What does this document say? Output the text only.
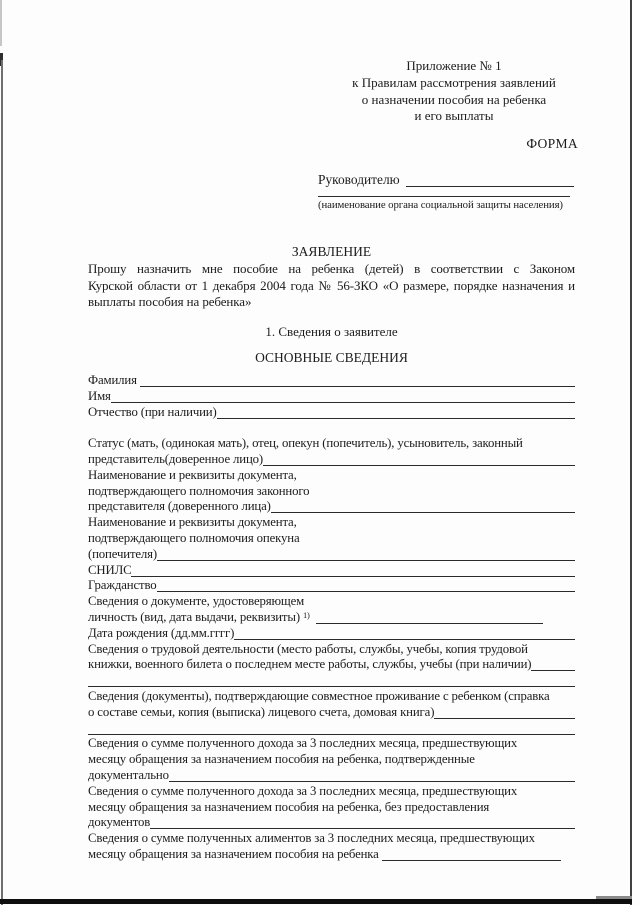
Приложение № 1
к Правилам рассмотрения заявлений
о назначении пособия на ребенка
и его выплаты
ФОРМА
Руководителю
(наименование органа социальной защиты населения)
ЗАЯВЛЕНИЕ
Прошу назначить мне пособие на ребенка (детей) в соответствии с Законом
Курской области от 1 декабря 2004 года № 56-ЗКО «О размере, порядке назначения и
выплаты пособия на ребенка»
1. Сведения о заявителе
ОСНОВНЫЕ СВЕДЕНИЯ
Фамилия
Имя
Отчество (при наличии)
Статус (мать, (одинокая мать), отец, опекун (попечитель), усыновитель, законный
представитель(доверенное лицо)
Наименование и реквизиты документа,
подтверждающего полномочия законного
представителя (доверенного лица)
Наименование и реквизиты документа,
подтверждающего полномочия опекуна
(попечителя)
СНИЛС
Гражданство
Сведения о документе, удостоверяющем
личность (вид, дата выдачи, реквизиты) 1)
Дата рождения (дд.мм.гггг)
Сведения о трудовой деятельности (место работы, службы, учебы, копия трудовой
книжки, военного билета о последнем месте работы, службы, учебы (при наличии)
Сведения (документы), подтверждающие совместное проживание с ребенком (справка
о составе семьи, копия (выписка) лицевого счета, домовая книга)
Сведения о сумме полученного дохода за 3 последних месяца, предшествующих
месяцу обращения за назначением пособия на ребенка, подтвержденные
документально
Сведения о сумме полученного дохода за 3 последних месяца, предшествующих
месяцу обращения за назначением пособия на ребенка, без предоставления
документов
Сведения о сумме полученных алиментов за 3 последних месяца, предшествующих
месяцу обращения за назначением пособия на ребенка
